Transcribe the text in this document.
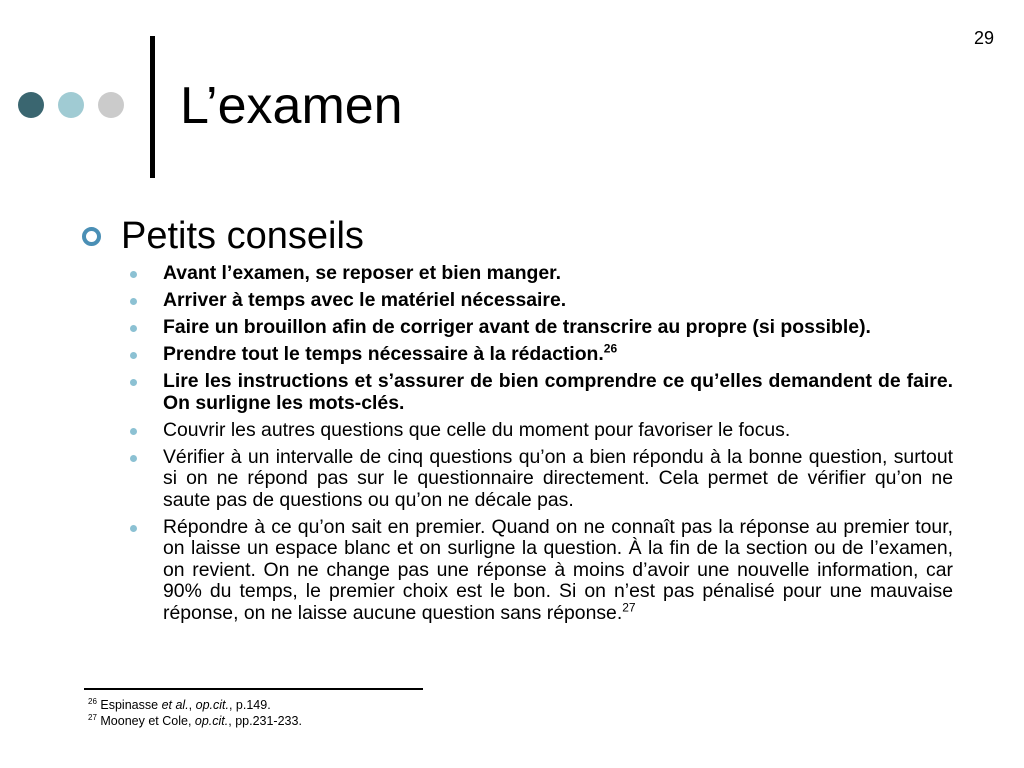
29
L’examen
Petits conseils
Avant l’examen, se reposer et bien manger.
Arriver à temps avec le matériel nécessaire.
Faire un brouillon afin de corriger avant de transcrire au propre (si possible).
Prendre tout le temps nécessaire à la rédaction.$^{26}$
Lire les instructions et s’assurer de bien comprendre ce qu’elles demandent de faire. On surligne les mots-clés.
Couvrir les autres questions que celle du moment pour favoriser le focus.
Vérifier à un intervalle de cinq questions qu’on a bien répondu à la bonne question, surtout si on ne répond pas sur le questionnaire directement. Cela permet de vérifier qu’on ne saute pas de questions ou qu’on ne décale pas.
Répondre à ce qu’on sait en premier. Quand on ne connaît pas la réponse au premier tour, on laisse un espace blanc et on surligne la question. À la fin de la section ou de l’examen, on revient. On ne change pas une réponse à moins d’avoir une nouvelle information, car 90% du temps, le premier choix est le bon. Si on n’est pas pénalisé pour une mauvaise réponse, on ne laisse aucune question sans réponse.$^{27}$
$^{26}$ Espinasse et al., op.cit., p.149.
$^{27}$ Mooney et Cole, op.cit., pp.231-233.
